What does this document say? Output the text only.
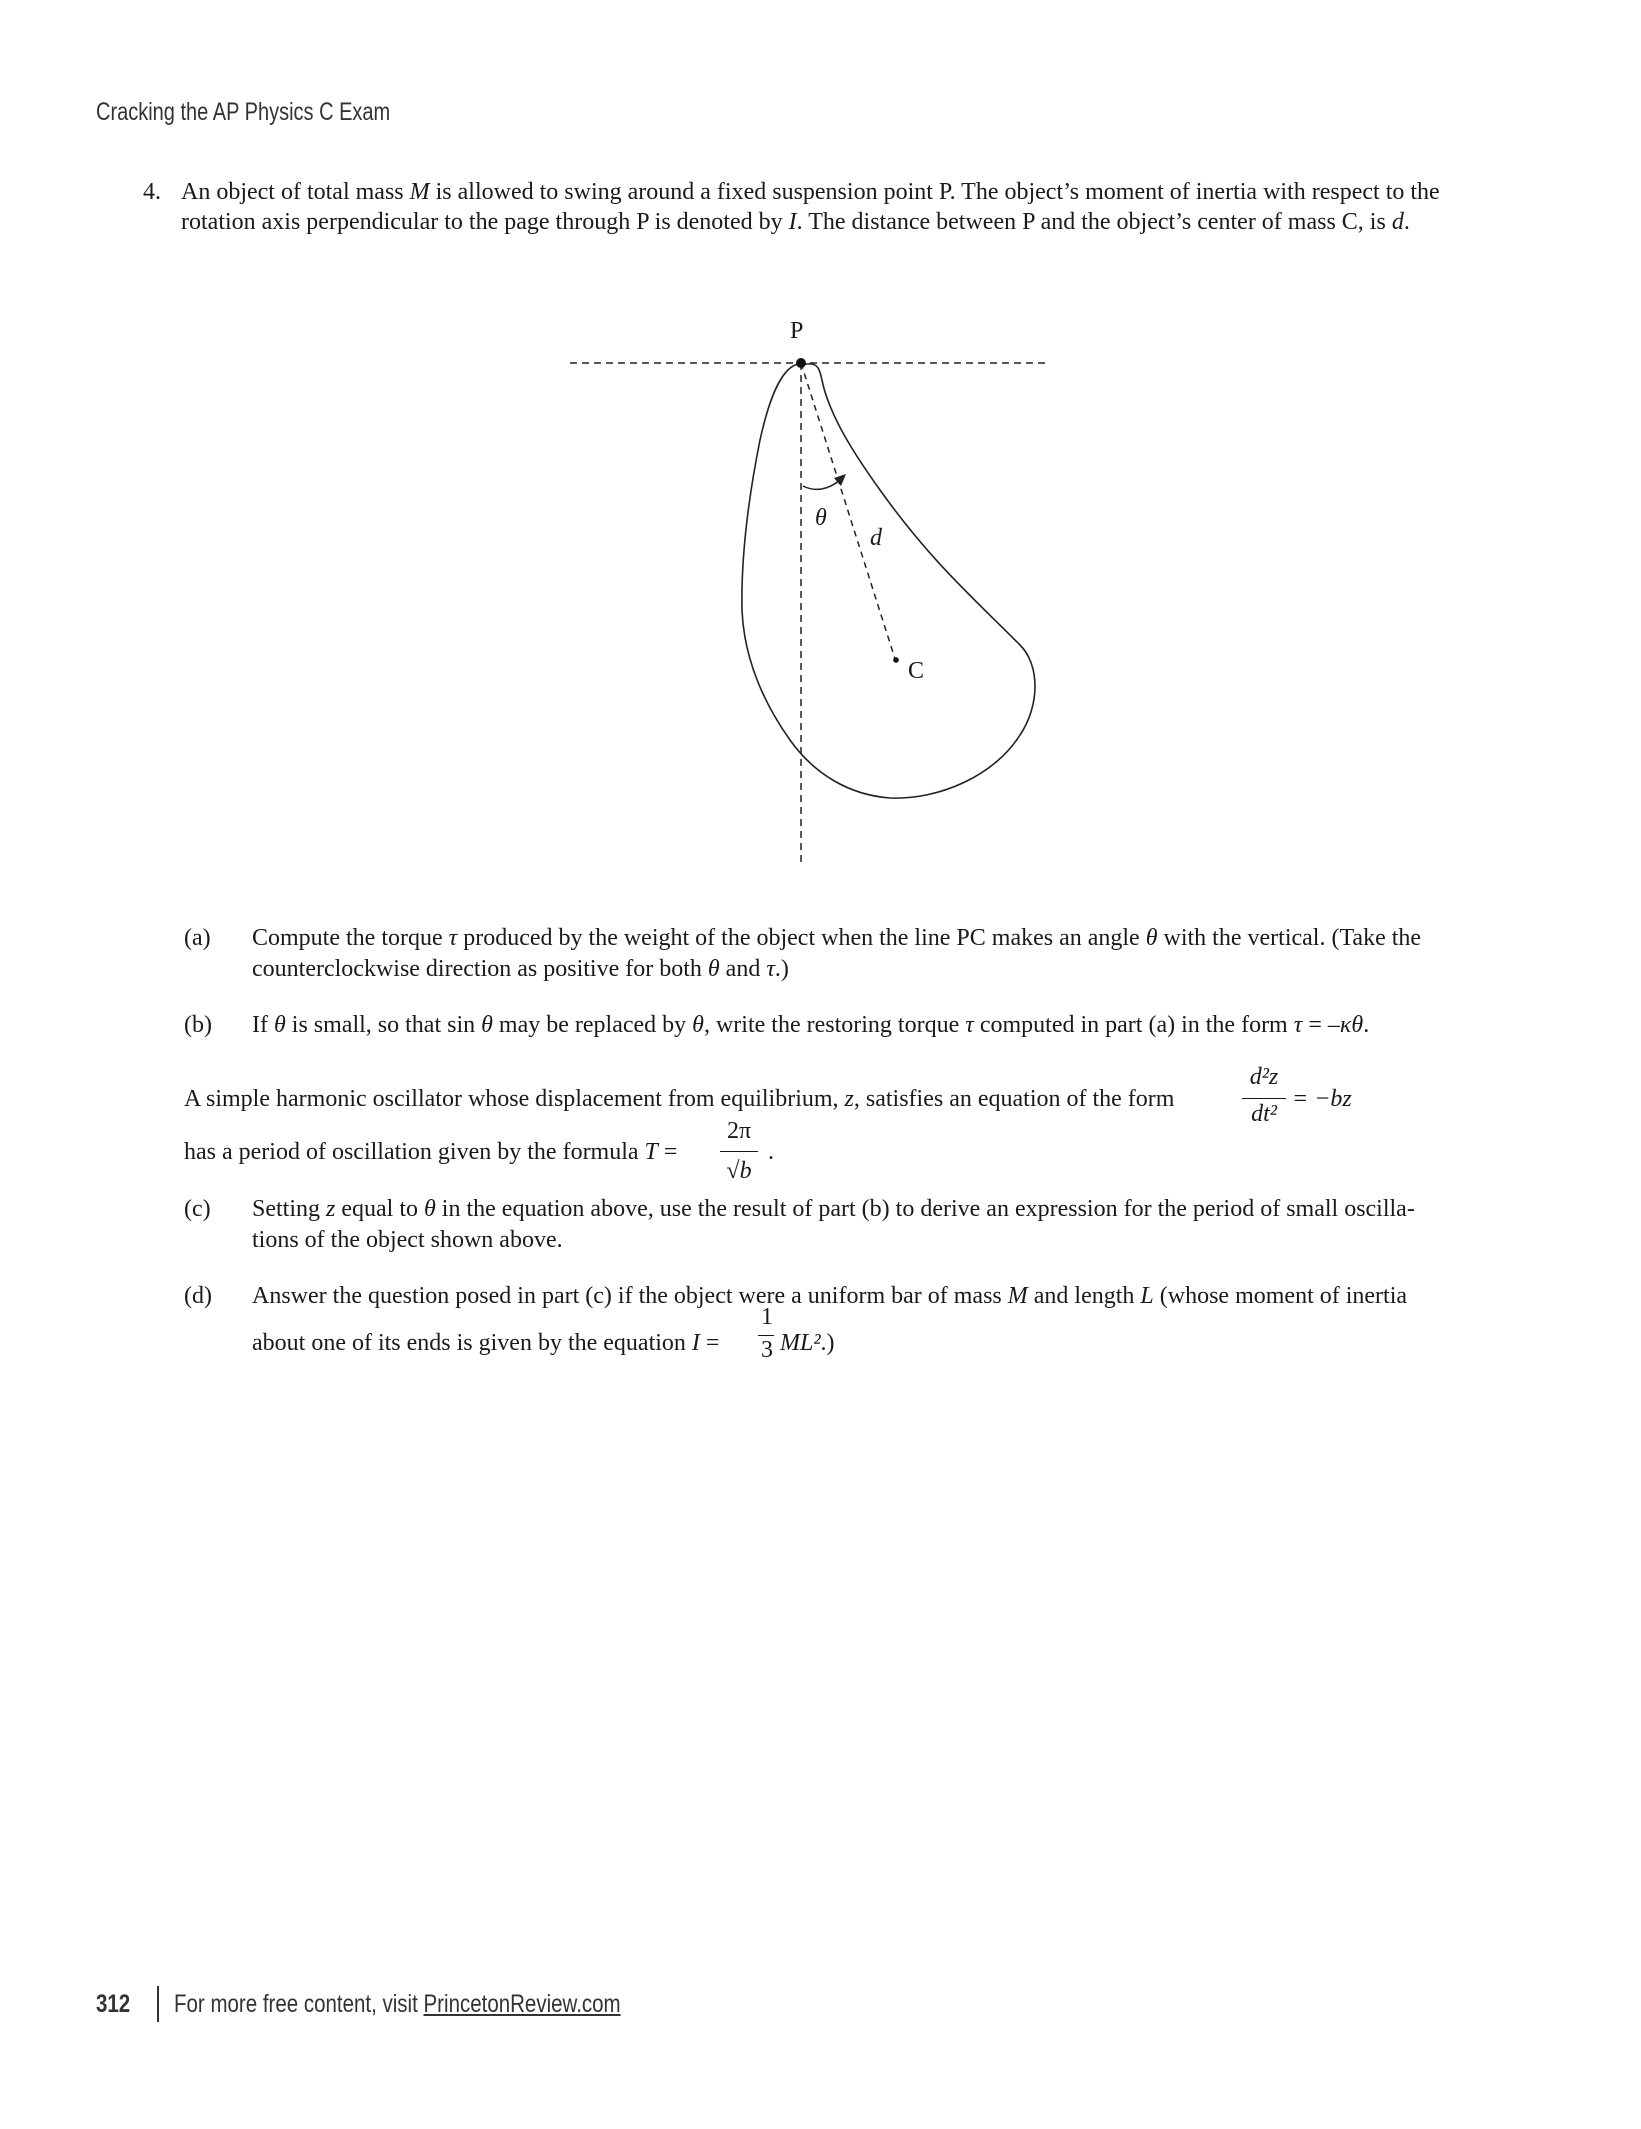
Cracking the AP Physics C Exam
4. An object of total mass M is allowed to swing around a fixed suspension point P. The object’s moment of inertia with respect to the
rotation axis perpendicular to the page through P is denoted by I. The distance between P and the object’s center of mass C, is d.
P
C
θ
d
(a) Compute the torque τ produced by the weight of the object when the line PC makes an angle θ with the vertical. (Take the
counterclockwise direction as positive for both θ and τ.)
(b) If θ is small, so that sin θ may be replaced by θ, write the restoring torque τ computed in part (a) in the form τ = –κθ.
A simple harmonic oscillator whose displacement from equilibrium, z, satisfies an equation of the form
d²z
dt²
= −bz
has a period of oscillation given by the formula T =
2π
√b
.
(c) Setting z equal to θ in the equation above, use the result of part (b) to derive an expression for the period of small oscilla-
tions of the object shown above.
(d) Answer the question posed in part (c) if the object were a uniform bar of mass M and length L (whose moment of inertia
about one of its ends is given by the equation I =
1
3 ML².)
312 For more free content, visit PrincetonReview.com
